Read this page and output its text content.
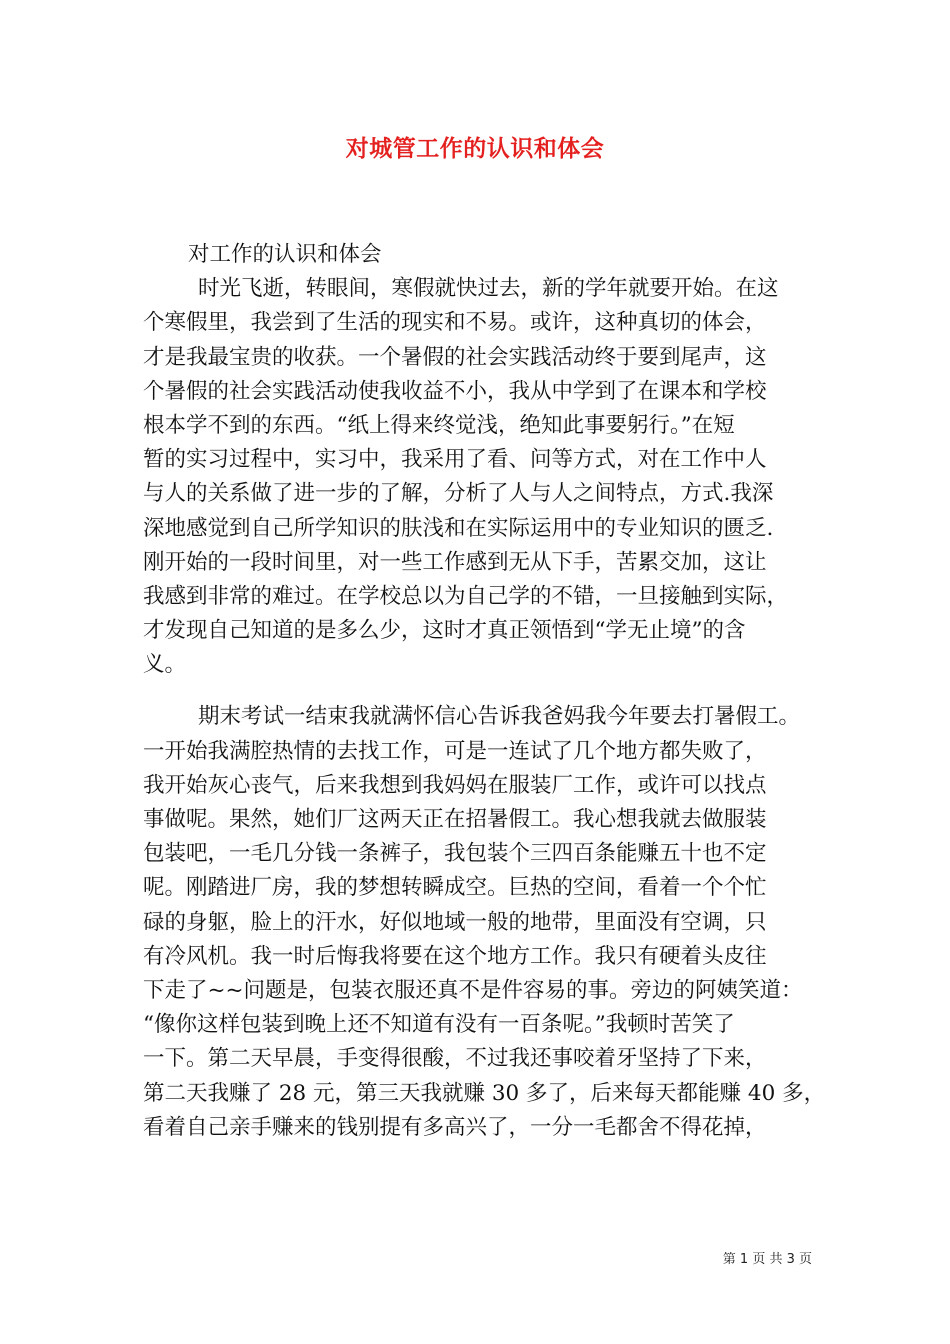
对城管工作的认识和体会
对工作的认识和体会
时光飞逝，转眼间，寒假就快过去，新的学年就要开始。在这
个寒假里，我尝到了生活的现实和不易。或许，这种真切的体会，
才是我最宝贵的收获。一个暑假的社会实践活动终于要到尾声，这
个暑假的社会实践活动使我收益不小，我从中学到了在课本和学校
根本学不到的东西。“纸上得来终觉浅，绝知此事要躬行。”在短
暂的实习过程中，实习中，我采用了看、问等方式，对在工作中人
与人的关系做了进一步的了解，分析了人与人之间特点，方式.我深
深地感觉到自己所学知识的肤浅和在实际运用中的专业知识的匮乏.
刚开始的一段时间里，对一些工作感到无从下手，苦累交加，这让
我感到非常的难过。在学校总以为自己学的不错，一旦接触到实际，
才发现自己知道的是多么少，这时才真正领悟到“学无止境”的含
义。
期末考试一结束我就满怀信心告诉我爸妈我今年要去打暑假工。
一开始我满腔热情的去找工作，可是一连试了几个地方都失败了，
我开始灰心丧气，后来我想到我妈妈在服装厂工作，或许可以找点
事做呢。果然，她们厂这两天正在招暑假工。我心想我就去做服装
包装吧，一毛几分钱一条裤子，我包装个三四百条能赚五十也不定
呢。刚踏进厂房，我的梦想转瞬成空。巨热的空间，看着一个个忙
碌的身躯，脸上的汗水，好似地域一般的地带，里面没有空调，只
有冷风机。我一时后悔我将要在这个地方工作。我只有硬着头皮往
下走了~~问题是，包装衣服还真不是件容易的事。旁边的阿姨笑道：
“像你这样包装到晚上还不知道有没有一百条呢。”我顿时苦笑了
一下。第二天早晨，手变得很酸，不过我还事咬着牙坚持了下来，
第二天我赚了 28 元，第三天我就赚 30 多了，后来每天都能赚 40 多，
看着自己亲手赚来的钱别提有多高兴了，一分一毛都舍不得花掉，
第 1 页 共 3 页
